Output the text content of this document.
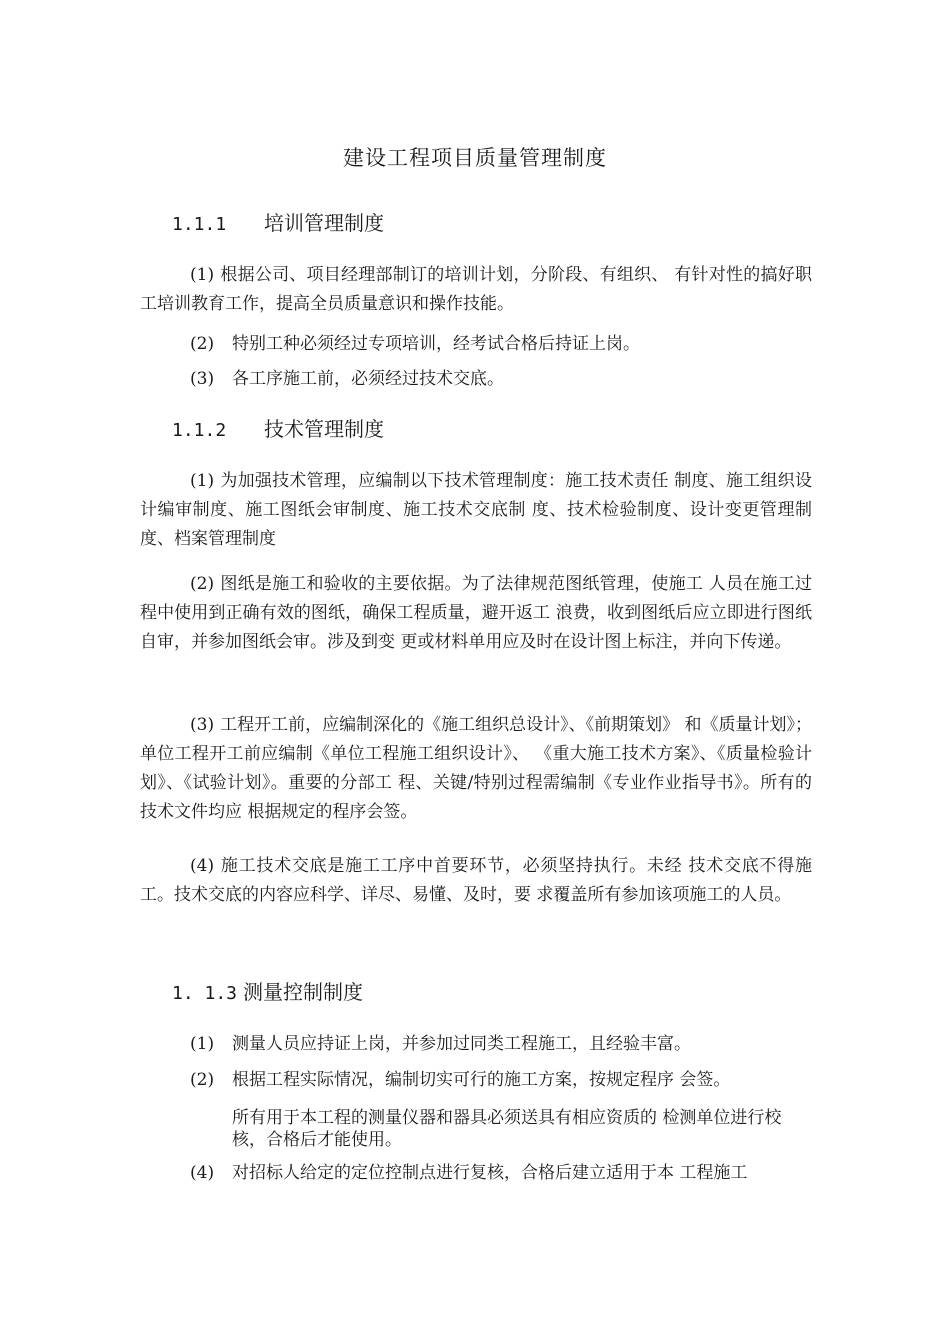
建设工程项目质量管理制度
1.1.1 培训管理制度

(1) 根据公司、项目经理部制订的培训计划，分阶段、有组织、 有针对性的搞好职工培训教育工作，提高全员质量意识和操作技能。

(2) 特别工种必须经过专项培训，经考试合格后持证上岗。

(3) 各工序施工前，必须经过技术交底。

1.1.2 技术管理制度

(1) 为加强技术管理，应编制以下技术管理制度：施工技术责任 制度、施工组织设计编审制度、施工图纸会审制度、施工技术交底制 度、技术检验制度、设计变更管理制度、档案管理制度

(2) 图纸是施工和验收的主要依据。为了法律规范图纸管理，使施工 人员在施工过程中使用到正确有效的图纸，确保工程质量，避开返工 浪费，收到图纸后应立即进行图纸自审，并参加图纸会审。涉及到变 更或材料单用应及时在设计图上标注，并向下传递。

(3) 工程开工前，应编制深化的《施工组织总设计》、《前期策划》 和《质量计划》；单位工程开工前应编制《单位工程施工组织设计》、 《重大施工技术方案》、《质量检验计划》、《试验计划》。重要的分部工 程、关键/特别过程需编制《专业作业指导书》。所有的技术文件均应 根据规定的程序会签。

(4) 施工技术交底是施工工序中首要环节，必须坚持执行。未经 技术交底不得施工。技术交底的内容应科学、详尽、易懂、及时，要 求覆盖所有参加该项施工的人员。

1. 1.3 测量控制制度

(1) 测量人员应持证上岗，并参加过同类工程施工，且经验丰富。

(2) 根据工程实际情况，编制切实可行的施工方案，按规定程序 会签。

所有用于本工程的测量仪器和器具必须送具有相应资质的 检测单位进行校核，合格后才能使用。

(4) 对招标人给定的定位控制点进行复核，合格后建立适用于本 工程施工
